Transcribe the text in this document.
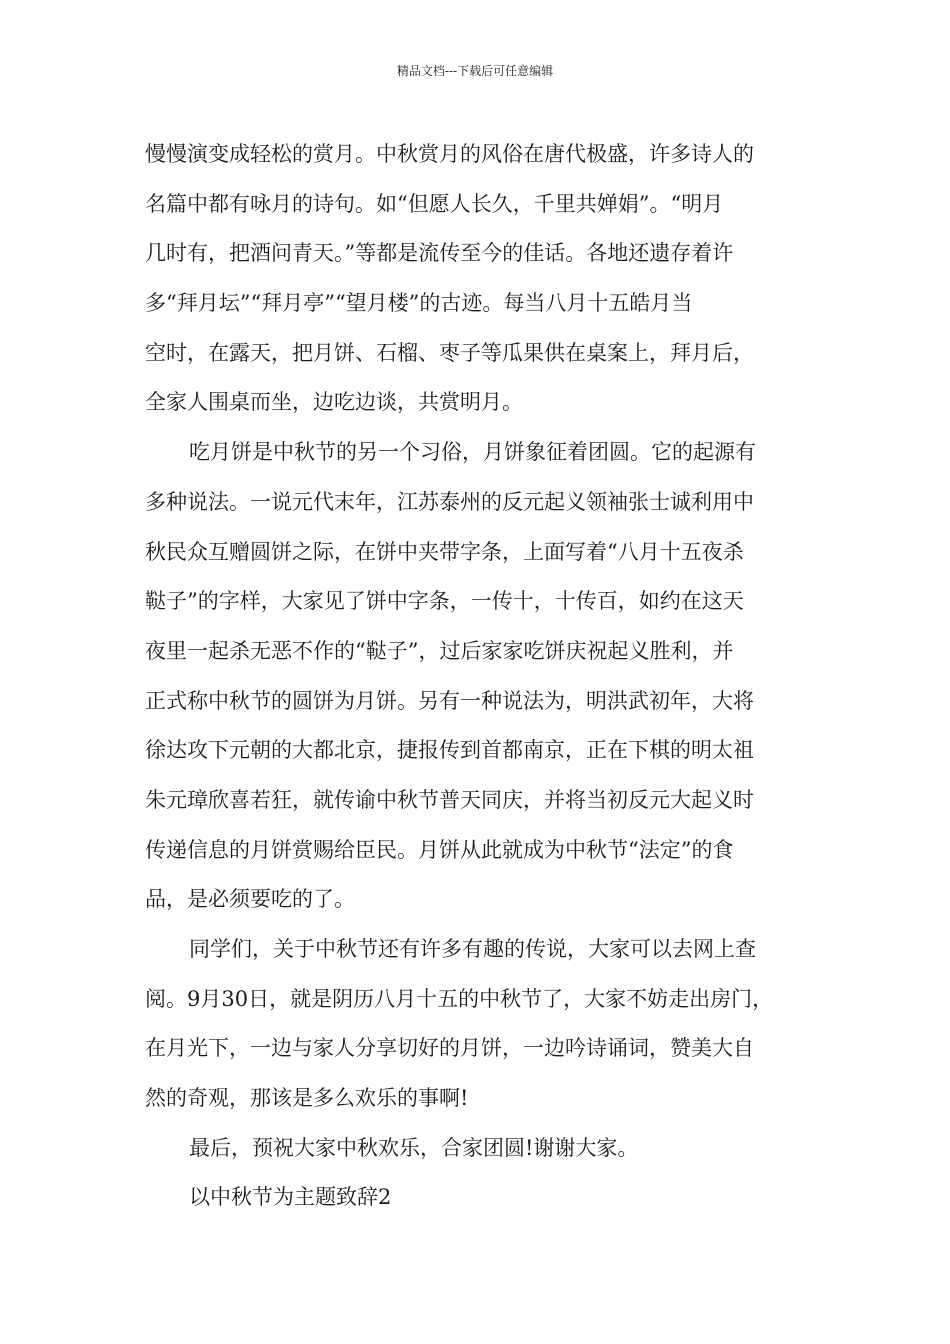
精品文档---下载后可任意编辑
慢慢演变成轻松的赏月。中秋赏月的风俗在唐代极盛，许多诗人的
名篇中都有咏月的诗句。如“但愿人长久，千里共婵娟”。“明月
几时有，把酒问青天。”等都是流传至今的佳话。各地还遗存着许
多“拜月坛”“拜月亭”“望月楼”的古迹。每当八月十五皓月当
空时，在露天，把月饼、石榴、枣子等瓜果供在桌案上，拜月后，
全家人围桌而坐，边吃边谈，共赏明月。
吃月饼是中秋节的另一个习俗，月饼象征着团圆。它的起源有
多种说法。一说元代末年，江苏泰州的反元起义领袖张士诚利用中
秋民众互赠圆饼之际，在饼中夹带字条，上面写着“八月十五夜杀
鞑子”的字样，大家见了饼中字条，一传十，十传百，如约在这天
夜里一起杀无恶不作的“鞑子”，过后家家吃饼庆祝起义胜利，并
正式称中秋节的圆饼为月饼。另有一种说法为，明洪武初年，大将
徐达攻下元朝的大都北京，捷报传到首都南京，正在下棋的明太祖
朱元璋欣喜若狂，就传谕中秋节普天同庆，并将当初反元大起义时
传递信息的月饼赏赐给臣民。月饼从此就成为中秋节“法定”的食
品，是必须要吃的了。
同学们，关于中秋节还有许多有趣的传说，大家可以去网上查
阅。9月30日，就是阴历八月十五的中秋节了，大家不妨走出房门，
在月光下，一边与家人分享切好的月饼，一边吟诗诵词，赞美大自
然的奇观，那该是多么欢乐的事啊!
最后，预祝大家中秋欢乐，合家团圆!谢谢大家。
以中秋节为主题致辞2
